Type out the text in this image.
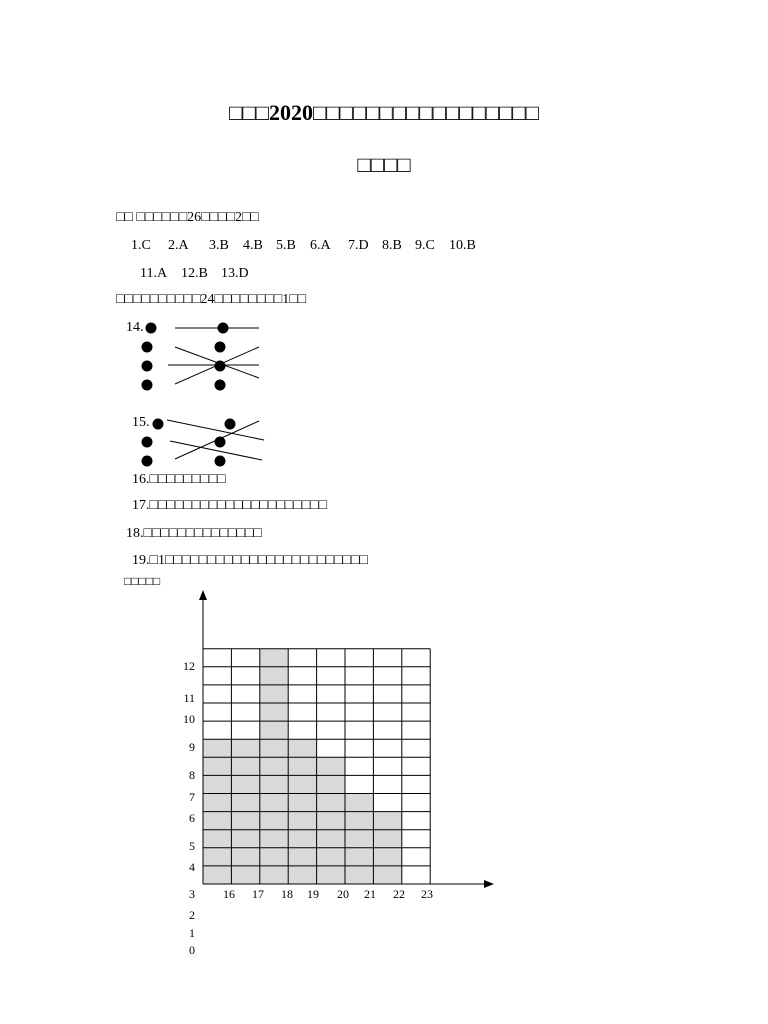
□□□2020□□□□□□□□□□□□□□□□□
□□□□
□□ □□□□□□26□□□□2□□
1.C 2.A 3.B 4.B 5.B 6.A 7.D 8.B 9.C 10.B
11.A 12.B 13.D
□□□□□□□□□□24□□□□□□□□1□□
14.
15.
16.□□□□□□□□□
17.□□□□□□□□□□□□□□□□□□□□□
18.□□□□□□□□□□□□□□
19.□1□□□□□□□□□□□□□□□□□□□□□□□□
□□□□□
16 17 18 19 20 21 22 23
12
11
10
9
8
7
6
5
4
3
2
1
0
